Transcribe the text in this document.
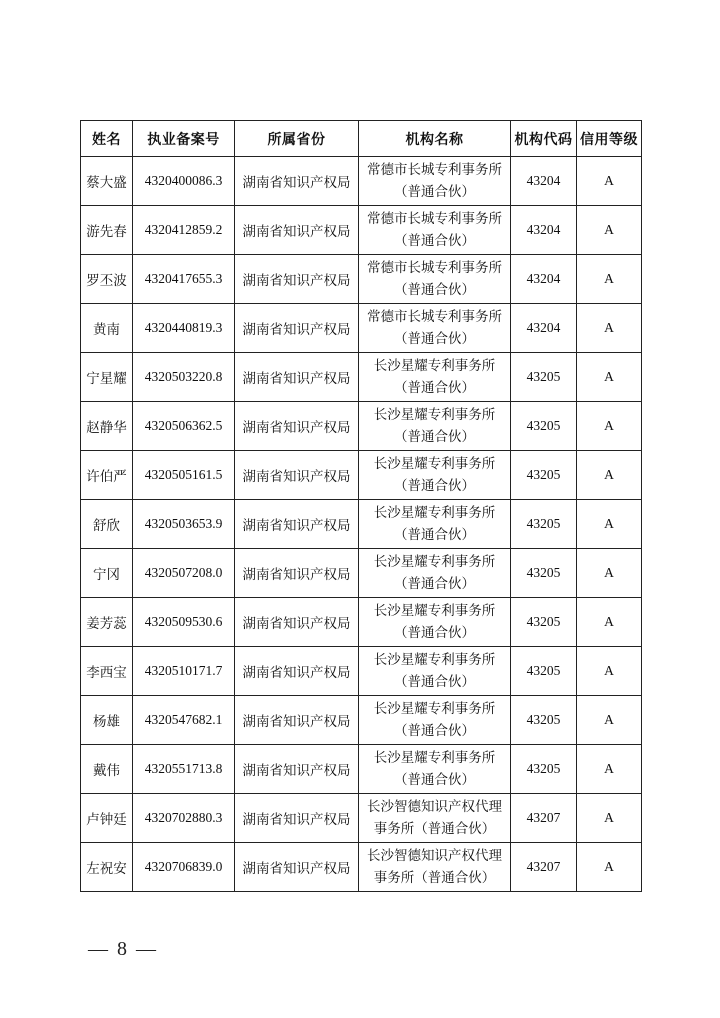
姓名	执业备案号	所属省份	机构名称	机构代码	信用等级
蔡大盛	4320400086.3	湖南省知识产权局	常德市长城专利事务所
（普通合伙）	43204	A
游先春	4320412859.2	湖南省知识产权局	常德市长城专利事务所
（普通合伙）	43204	A
罗丕波	4320417655.3	湖南省知识产权局	常德市长城专利事务所
（普通合伙）	43204	A
黄南	4320440819.3	湖南省知识产权局	常德市长城专利事务所
（普通合伙）	43204	A
宁星耀	4320503220.8	湖南省知识产权局	长沙星耀专利事务所
（普通合伙）	43205	A
赵静华	4320506362.5	湖南省知识产权局	长沙星耀专利事务所
（普通合伙）	43205	A
许伯严	4320505161.5	湖南省知识产权局	长沙星耀专利事务所
（普通合伙）	43205	A
舒欣	4320503653.9	湖南省知识产权局	长沙星耀专利事务所
（普通合伙）	43205	A
宁冈	4320507208.0	湖南省知识产权局	长沙星耀专利事务所
（普通合伙）	43205	A
姜芳蕊	4320509530.6	湖南省知识产权局	长沙星耀专利事务所
（普通合伙）	43205	A
李西宝	4320510171.7	湖南省知识产权局	长沙星耀专利事务所
（普通合伙）	43205	A
杨雄	4320547682.1	湖南省知识产权局	长沙星耀专利事务所
（普通合伙）	43205	A
戴伟	4320551713.8	湖南省知识产权局	长沙星耀专利事务所
（普通合伙）	43205	A
卢钟廷	4320702880.3	湖南省知识产权局	长沙智德知识产权代理
事务所（普通合伙）	43207	A
左祝安	4320706839.0	湖南省知识产权局	长沙智德知识产权代理
事务所（普通合伙）	43207	A
— 8 —
